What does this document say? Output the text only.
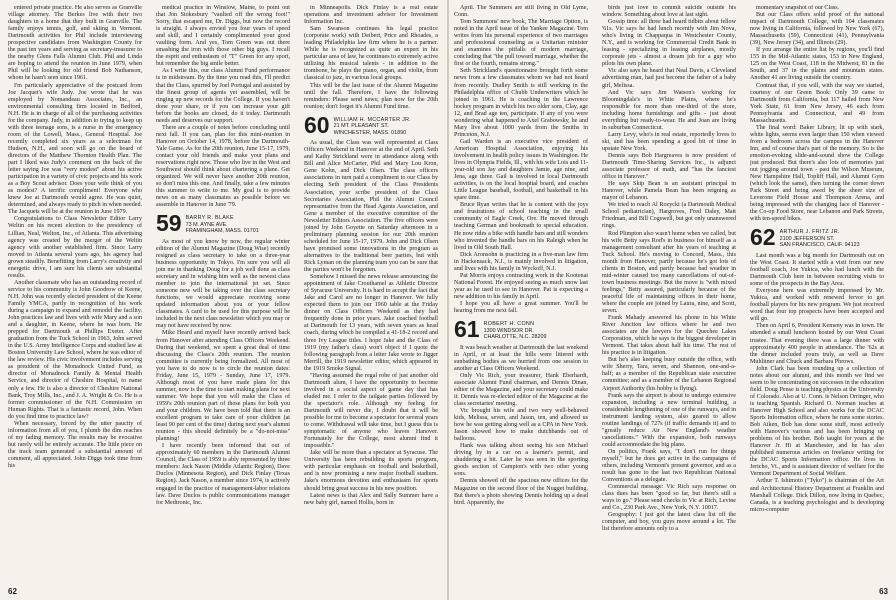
entered private practice. He also serves as Granville village attorney. The Berkes live with their two daughters in a home that they built in Granville. The family enjoys tennis, golf, and skiing in Vermont. Dartmouth activities for Phil include interviewing prospective candidates from Washington County for the past ten years and serving as secretary-treasurer to the nearby Glens Falls Alumni Club. Phil and Linda are hoping to attend the reunion in June 1979, when Phil will be looking for old friend Bob Nathanson, whom he hasn't seen since 1961.

I'm particularly appreciative of the postcard from Joe Jacquet's wife Judy. Joe wrote that he was employed by Nomandeau Associates, Inc., an environmental consulting firm located in Bedford, N.H. He is in charge of all of the purchasing activities for the company. Judy, in addition to trying to keep up with three teenage sons, is a nurse in the emergency room of the Lowell, Mass., General Hospital. Joe recently completed six years as a selectman for Hudson, N.H., and soon will go on the board of directors of the Matthew Thornton Health Plan. The part I liked was Judy's comment on the back of the letter saying Joe was "very modest" about his active participation in a variety of civic projects and his work as a Boy Scout advisor. Does your wife think of you as modest? A terrific compliment! Everyone who knew Joe at Dartmouth would agree. He was quiet, determined, and always ready to pitch in when needed. The Jacquets will be at the reunion in June 1979.

Congratulations to Class Newsletter Editor Larry Weltin on his recent election to the presidency of Lillian, Neal, Welton, Inc., of Atlanta. This advertising agency was created by the merger of the Weltin agency with another established firm. Since Larry moved to Atlanta several years ago, his agency had grown steadily. Benefitting from Larry's creativity and energetic drive, I am sure his clients see substantial results.

Another classmate who has an outstanding record of service to his community is John Goodrow of Keene, N.H. John was recently elected president of the Keene Family YMCA, partly in recognition of his work during a campaign to expand and remodel the facility. John practices law and lives with wife Mary and a son and a daughter, in Keene, where he was born. He prepped for Dartmouth at Phillips Exeter. After graduation from the Tuck School in 1963, John served in the U.S. Army Intelligence Corps and studied law at Boston University Law School, where he was editor of the law review. His civic involvement includes serving as president of the Monadnock United Fund, as director of Monadnock Family & Mental Health Service, and director of Cheshire Hospital, to name only a few. He is also a director of Cheshire National Bank, Troy Mills, Inc., and J. A. Wright & Co. He is a former commissioner of the N.H. Commission on Human Rights. That is a fantastic record, John. When do you find time to practice law?

When necessary, forced by the utter paucity of information from all of you, I plumb the dim reaches of my fading memory. The results may be evocative but rarely will be entirely accurate. The little piece on the track team generated a substantial amount of comment, all appreciated. John Diggs took time from his

medical practice in Winslow, Maine, to point out that Jon Stokesbury "vaulted off the wrong foot!" Sorry, that escaped me, Dr. Diggs, but now the record is straight. I always envied you four years of speed and skill, and I certainly complimented your good vaulting form. And yes, Tom Green was out there smashing the iron with those other big guys. I recall the esprit and enthusiasm of "T" Green for any sport, but remember the big smile better.

As I write this, our class Alumni Fund performance is in midstream. By the time you read this, I'll predict that the Class, spurred by Joel Portugal and assisted by the finest group of agents yet assembled, will be ringing up new records for the College. If you haven't done your share, or if you can increase your gift before the books are closed, do it today. Dartmouth needs and deserves our support.

There are a couple of notes before concluding until next fall. If you can, plan for this mini-reunion in Hanover on October 14, 1978, before the Dartmouth-Yale Game. As for the 20th reunion, June 15-17, 1979, contact your old friends and make your plans and reservations right now. Those who live in the West and Southwest should think about chartering a plane. Get organized. We will never have another 20th reunion, so don't miss this one. And finally, take a few minutes this summer to write to me. My goal is to provide news on as many classmates as possible before we assemble in Hanover in June '79.

59 BARRY R. BLAKE
73 M. AYNE AVE.
FRAMINGHAM, MASS. 01701

As most of you know by now, the regular winter edition of the Alumni Magazine (Doug Wise) recently resigned as class secretary to take on a three-year business opportunity in Tokyo. I'm sure you will all join me in thanking Doug for a job well done as class secretary and in wishing him well as the newest class member to join the international jet set. Since someone new will be taking over the class secretary functions, we would appreciate receiving some updated information about you or your fellow classmates. A card to be used for this purpose will be included in the next class newsletter which you may or may not have received by now.

Mike Heard and myself have recently arrived back from Hanover after attending Class Officers Weekend. During that weekend, we spent a great deal of time discussing the Class's 20th reunion. The reunion committee is currently being formalized. All most of you have to do now is to circle the reunion dates: Friday, June 15, 1979 - Sunday, June 17, 1979. Although most of you have made plans for this summer, now is the time to start making plans for next summer. We hope that you will make the Class of 1959's 20th reunion part of those plans for both you and your children. We have been told that there is an excellent program to take care of your children (at least 90 per cent of the time) during next year's alumni reunion - this should definitely be a "do-not-miss" planning!

I have recently been informed that out of approximately 60 members in the Dartmouth Alumni Council, the Class of 1959 is ably represented by three members: Jack Nason (Middle Atlantic Region), Dave Duclos (Minnesota Region), and Dick Finlay (Texas Region). Jack Nason, a member since 1974, is actively engaged in the practice of management-labor relations law. Dave Duclos is public communications manager for Medtronic, Inc.

in Minneapolis. Dick Finlay is a real estate operations and investment advisor for Investment Information Inc.

Sam Swanson continues his legal practice (corporate work) with Deibert, Price and Rhoades, a leading Philadelphia law firm where he is a partner. While he is recognized as quite an expert in his particular area of law, he continues to extremely active utilizing his musical talents - in addition to the trombone, he plays the piano, organ, and violin, from classical to jazz, in various local groups.

This will be the last issue of the Alumni Magazine until the fall. Therefore, I have the following reminders: Please send news; plan now for the 20th reunion; don't forget it's Alumni Fund time.

60 WILLIAM H. MCCARTER JR.
21 MT. PLEASANT ST.
WINCHESTER, MASS. 01890

As usual, the Class was well represented at Class Officers Weekend in Hanover at the end of April. Seth and Kathy Strickland were in attendance along with Bill and Alice McCarter, Phil and Mary Lou Kron, Gene Kohn, and Dick Olsen. The class officers associations in turn paid a compliment to our Class by electing Seth president of the Class Presidents Association, your scribe president of the Class Secretaries Association, Phil the Alumni Council representative from the Head Agents Association, and Gene a member of the executive committee of the Newsletter Editors Association. The five officers were joined by John Goyette on Saturday afternoon in a preliminary planning session for our 20th reunion scheduled for June 15-17, 1979. John and Dick Olsen have promised some innovations in the program as alternatives to the traditional beer parties, but with Rick Lyman on the planning team you can be sure that the parties won't be forgotten.

Somehow I missed the news release announcing the appointment of Jake Crouthamel as Athletic Director of Syracuse University. It is hard to accept the fact that Jake and Carol are no longer in Hanover. We fully expected them to join our 1960 table at the Friday dinner on Class Officers Weekend as they had frequently done in prior years. Jake coached football at Dartmouth for 13 years, with seven years as head coach, during which he compiled a 41-18-2 record and three Ivy League titles. I hope Jake and the Class of 1919 (my father's class) won't object if I quote the following paragraph from a letter Jake wrote to Jigger Merrill, the 1919 newsletter editor, which appeared in the 1919 Smoke Signal.

"Having assumed the regal robe of just another old Dartmouth alum, I have the opportunity to become involved in a social aspect of game day that has eluded me. I refer to the tailgate parties followed by the spectator's role. Although my feeling for Dartmouth will never die, I doubt that it will be possible for me to become a spectator for several years to come. Withdrawal will take time, but I guess this is symptomatic of anyone who leaves Hanover. Fortunately for the College, most alumni find it impossible."

Jake will be more than a spectator at Syracuse. The University has been rebuilding its sports program, with particular emphasis on football and basketball, and is now promising a new major football stadium. Jake's enormous devotion and enthusiasm for sports should bring great success in his new position.

Latest news is that Alex and Sally Summer have a new baby girl, named Hollis, born in

62

April. The Summers are still living in Old Lyme, Conn.

Tom Summons' new book, The Marriage Option, is noted in the April issue of the Yankee Magazine. Tom writes from his personal experience of two marriages and professional counseling as a Unitarian minister and examines the pitfalls of modern marriage, concluding that "the pull toward marriage, whether the first or the fourth, remains strong."

Seth Strickland's questionnaire brought forth some news from a few classmates whom we had not heard from recently. Dudley Smith is still working in the Philadelphia office of Chubb Underwriters which he joined in 1961. He is coaching in the Lawrence hockey program in which his two older sons, Clay, age 12, and Brad age ten, participate. If any of you were wondering what happened to Axel Grabowsky, he and Mary live about 1000 yards from the Smiths in Princeton, N.J.

Gail Warden is an executive vice president of American Hospital Association, enjoying his involvement in health policy issues in Washington. He lives in Olympia Fields, Ill., with his wife Lois and 11-year-old son Jay and daughters Jamie, age nine, and Jena, age three. Gail is involved in local Dartmouth activities, is on the local hospital board, and coaches Little League baseball, football, and basketball in his spare time.

Bruce Ryan writes that he is content with the joys and frustrations of school teaching in the small community of Eagle Creek, Ore. He moved through teaching German and bookmath to special education. He now rides a bike with handle bars and still wonders who invented the handle bars on his Raleigh when he lived in Old South Hall.

Dick Aronsohn is practicing in a five-man law firm in Hackensack, N.J., is mainly involved in litigation, and lives with his family in Wyckoff, N.J.

Pat Morris enjoys contracting work in the Kootenai National Forest. He enjoyed seeing as much snow last year as he used to see in Hanover. Pat is expecting a new addition to his family in April.

I hope you all have a great summer. You'll be hearing from me next fall.

61 ROBERT H. CONN
1300 WINDSOR DR.
CHARLOTTE, N.C. 28209

It was beach weather at Dartmouth the last weekend in April, or at least the hills were littered with sunbathing bodies as we hurried from one session to another at Class Officers Weekend.

Only Vic Rich, your treasurer, Hank Eberhardt, associate Alumni Fund chairman, and Dennis Dinan, editor of the Magazine, and your secretary could make it. Dennis was re-elected editor of the Magazine at the class secretaries' meeting.

Vic brought his wife and two very well-behaved kids, Melissa, seven, and Jason, ten, and allowed us how he was getting along well as a CPA in New York. Jason showed how to make dutchbands out of balloons.

Hank was talking about seeing his son Michael driving by in a car on a learner's permit, and shuddering a bit. Later he was seen in the sporting goods section of Campion's with two other young sons.

Dennis showed off the spacious new offices for the Magazine on the second floor of the Nugget building. But there's a photo showing Dennis holding up a dead bird. Apparently, the

birds just love to commit suicide outside his window. Something about love at last sight.

Gossip time: all three had heard tidbits about fellow '61s. Vic says he had lunch recently with Jim Nova, who's living in Chappaqua in Westchester County, N.Y., and is working for Commercial Credit Bank in leasing - specializing in leasing airplanes, mostly corporate jets - almost a dream job for a guy who pilots his own plane.

Vic also says he heard that Neal Davis, a Cleveland advertising man, had just become the father of a baby girl, Melissa.

And Vic says Jim Watson's working for Bloomingdale's in White Plains, where he's responsible for more than one-third of the store, including home furnishings and gifts - just about everything but ready-to-wear. He and Joan are living in suburban Connecticut.

Larry Levy, who's in real estate, reportedly loves to ski, and has been spending a good bit of time in upstate New York.

Dennis says Bob Hargreaves is now president of Dartmouth Time-Sharing Services Inc., is adjunct associate professor of math, and "has the fanciest office in Hanover."

He says Skip Bean is an assistant principal in Hanover, while Pamela Bean has been reigning as mayor of Lebanon.

We tried to reach Al Rozycki (a Dartmouth Medical School pediatrician), Hargroves, Fred Daley, Matt Friedman, and Bill Cogswell, but got only unanswered rings.

Rod Plimpton also wasn't home when we called, but his wife Betty says Rod's in business for himself as a management consultant after his years of teaching at Tuck School. He's moving to Concord, Mass., this month from Hanover, partly because he's got lots of clients in Boston, and partly because bad weather in mid-winter caused too many cancellations of out-of-town business meetings. But the move is "with mixed feelings," Betty assured, particularly because of the peaceful life of maintaining offices in their home, where the couple are joined by Laura, nine, and Scott, seven.

Frank Mahady answered his phone in his White River Junction law offices where he and two associates are the lawyers for the Quechee Lakes Corporation, which he says is the biggest developer in Vermont. That takes about half his time. The rest of his practice is in litigation.

But he's also keeping busy outside the office, with wife Sherry, Tara, seven, and Shannon, one-and-a-half; as a member of the Republican state executive committee; and as a member of the Lebanon Regional Airport Authority (his hobby is flying).

Frank says the airport is about to undergo extensive expansion, including a new terminal building, a considerable lengthening of one of the runways, and in instrument landing system, also geared to allow routine landings of 727s (if traffic demands it) and to "greatly reduce Air New England's weather cancellations." With the expansion, both runways could accommodate the big plane.

On politics, Frank says, "I don't run for things myself," but he does get active in the campaigns of others, including Vermont's present governor, and as a result has gone to the last two Republican National Conventions as a delegate.

Commercial message: Vic Rich says response on class dues has been "good so far, but there's still a ways to go." Please send checks to Vic at Rich, Levine and Co., 230 Park Ave., New York, N.Y. 10017.

Geography: I just got the latest class list off the computer, and boy, you guys move around a lot. The list therefore amounts only to a

momentary snapshot of our Class.

But our Class offers solid proof of the national impact of Dartmouth College, with 104 classmates now living in California, followed by New York (67), Massachusetts (59), Connecticut (41), Pennsylvania (39), New Jersey (34), and Illinois (29).

If you arrange the entire list by regions, you'll find 155 in the Mid-Atlantic states, 153 in New England, 125 on the West Coast, 118 in the Midwest, 81 in the South, and 37 in the plains and mountain states. Another 41 are living outside the country.

Contrast that, if you will, with the way we started, courtesy of our Green Book: Only 39 came to Dartmouth from California, but 117 hailed from New York State, 61 from New Jersey, 46 each from Pennsylvania and Connecticut, and 49 from Massachusetts.

The final word: Baker Library, lit up with stark, white lights, seems even larger than 150 when viewed from a bedroom across the campus in the Hanover Inn, and of course that's part of the memory. So is the emotion-evoking slide-and-sound show the College just produced. But there's also lots of memories just out jogging around town - past the Wilson Museum, New Hampshire Hall, Topliff Hall, and Alumni Gym (which look the same), then turning the corner down Park Street and being awed by the sheer size of Leverone Field House and Thompson Arena, and being impressed with the changing face of Hanover - the Co-op Food Store, near Lebanon and Park Streets, with ten-speed bikes.

62 ARTHUR J. FRITZ JR.
2100 JEFFERSON ST.
SAN FRANCISCO, CALIF. 94123

Last month was a big month for Dartmouth out on the West Coast. It started with a visit from our new football coach, Joe Yukica, who had lunch with the Dartmouth Club here in between recruiting visits to some of the prospects in the Bay Area.

Everyone here was extremely impressed by Mr. Yukica, and worked with renewed fervor to get football players for his new program. We just received word that four top prospects have been accepted and will go.

Then on April 6, President Kemeny was in town. He attended a small luncheon hosted by our West Coast trustee. That evening there was a large dinner with approximately 400 people in attendance. The '62s at the dinner included yours truly, as well as Dave Muhlitner and Chuck and Barbara Phrows.

John Clark has been rounding up a collection of notes about our alumni, and this month we find we seem to be concentrating on successes in the education field. Doug Pense is teaching physics at the University of Colorado. Also at U. Conn. is Nelson Orringer, who is teaching Spanish. Richard O. Norman teaches at Hanover High School and also works for the DCAC Sports Information office, where he runs some stories. Bob Aiken, Bob has done some stuff, most actively with Hanover's various and has been bringing up problems of his brother. Bob taught for years at the Hanover Jr. Hi at Manchester, and he has also published numerous articles on freelance writing for the DCAC Sports Information office. He lives in Jericho, Vt., and is assistant director of welfare for the Vermont Department of Social Welfare.

Arthur T. Ishimoto ("Tyko") is chairman of the Art and Architectural History Department at Franklin and Marshall College. Dick Dillon, now living in Quebec, Canada, is a teaching psychologist and is developing micro-computer

63
